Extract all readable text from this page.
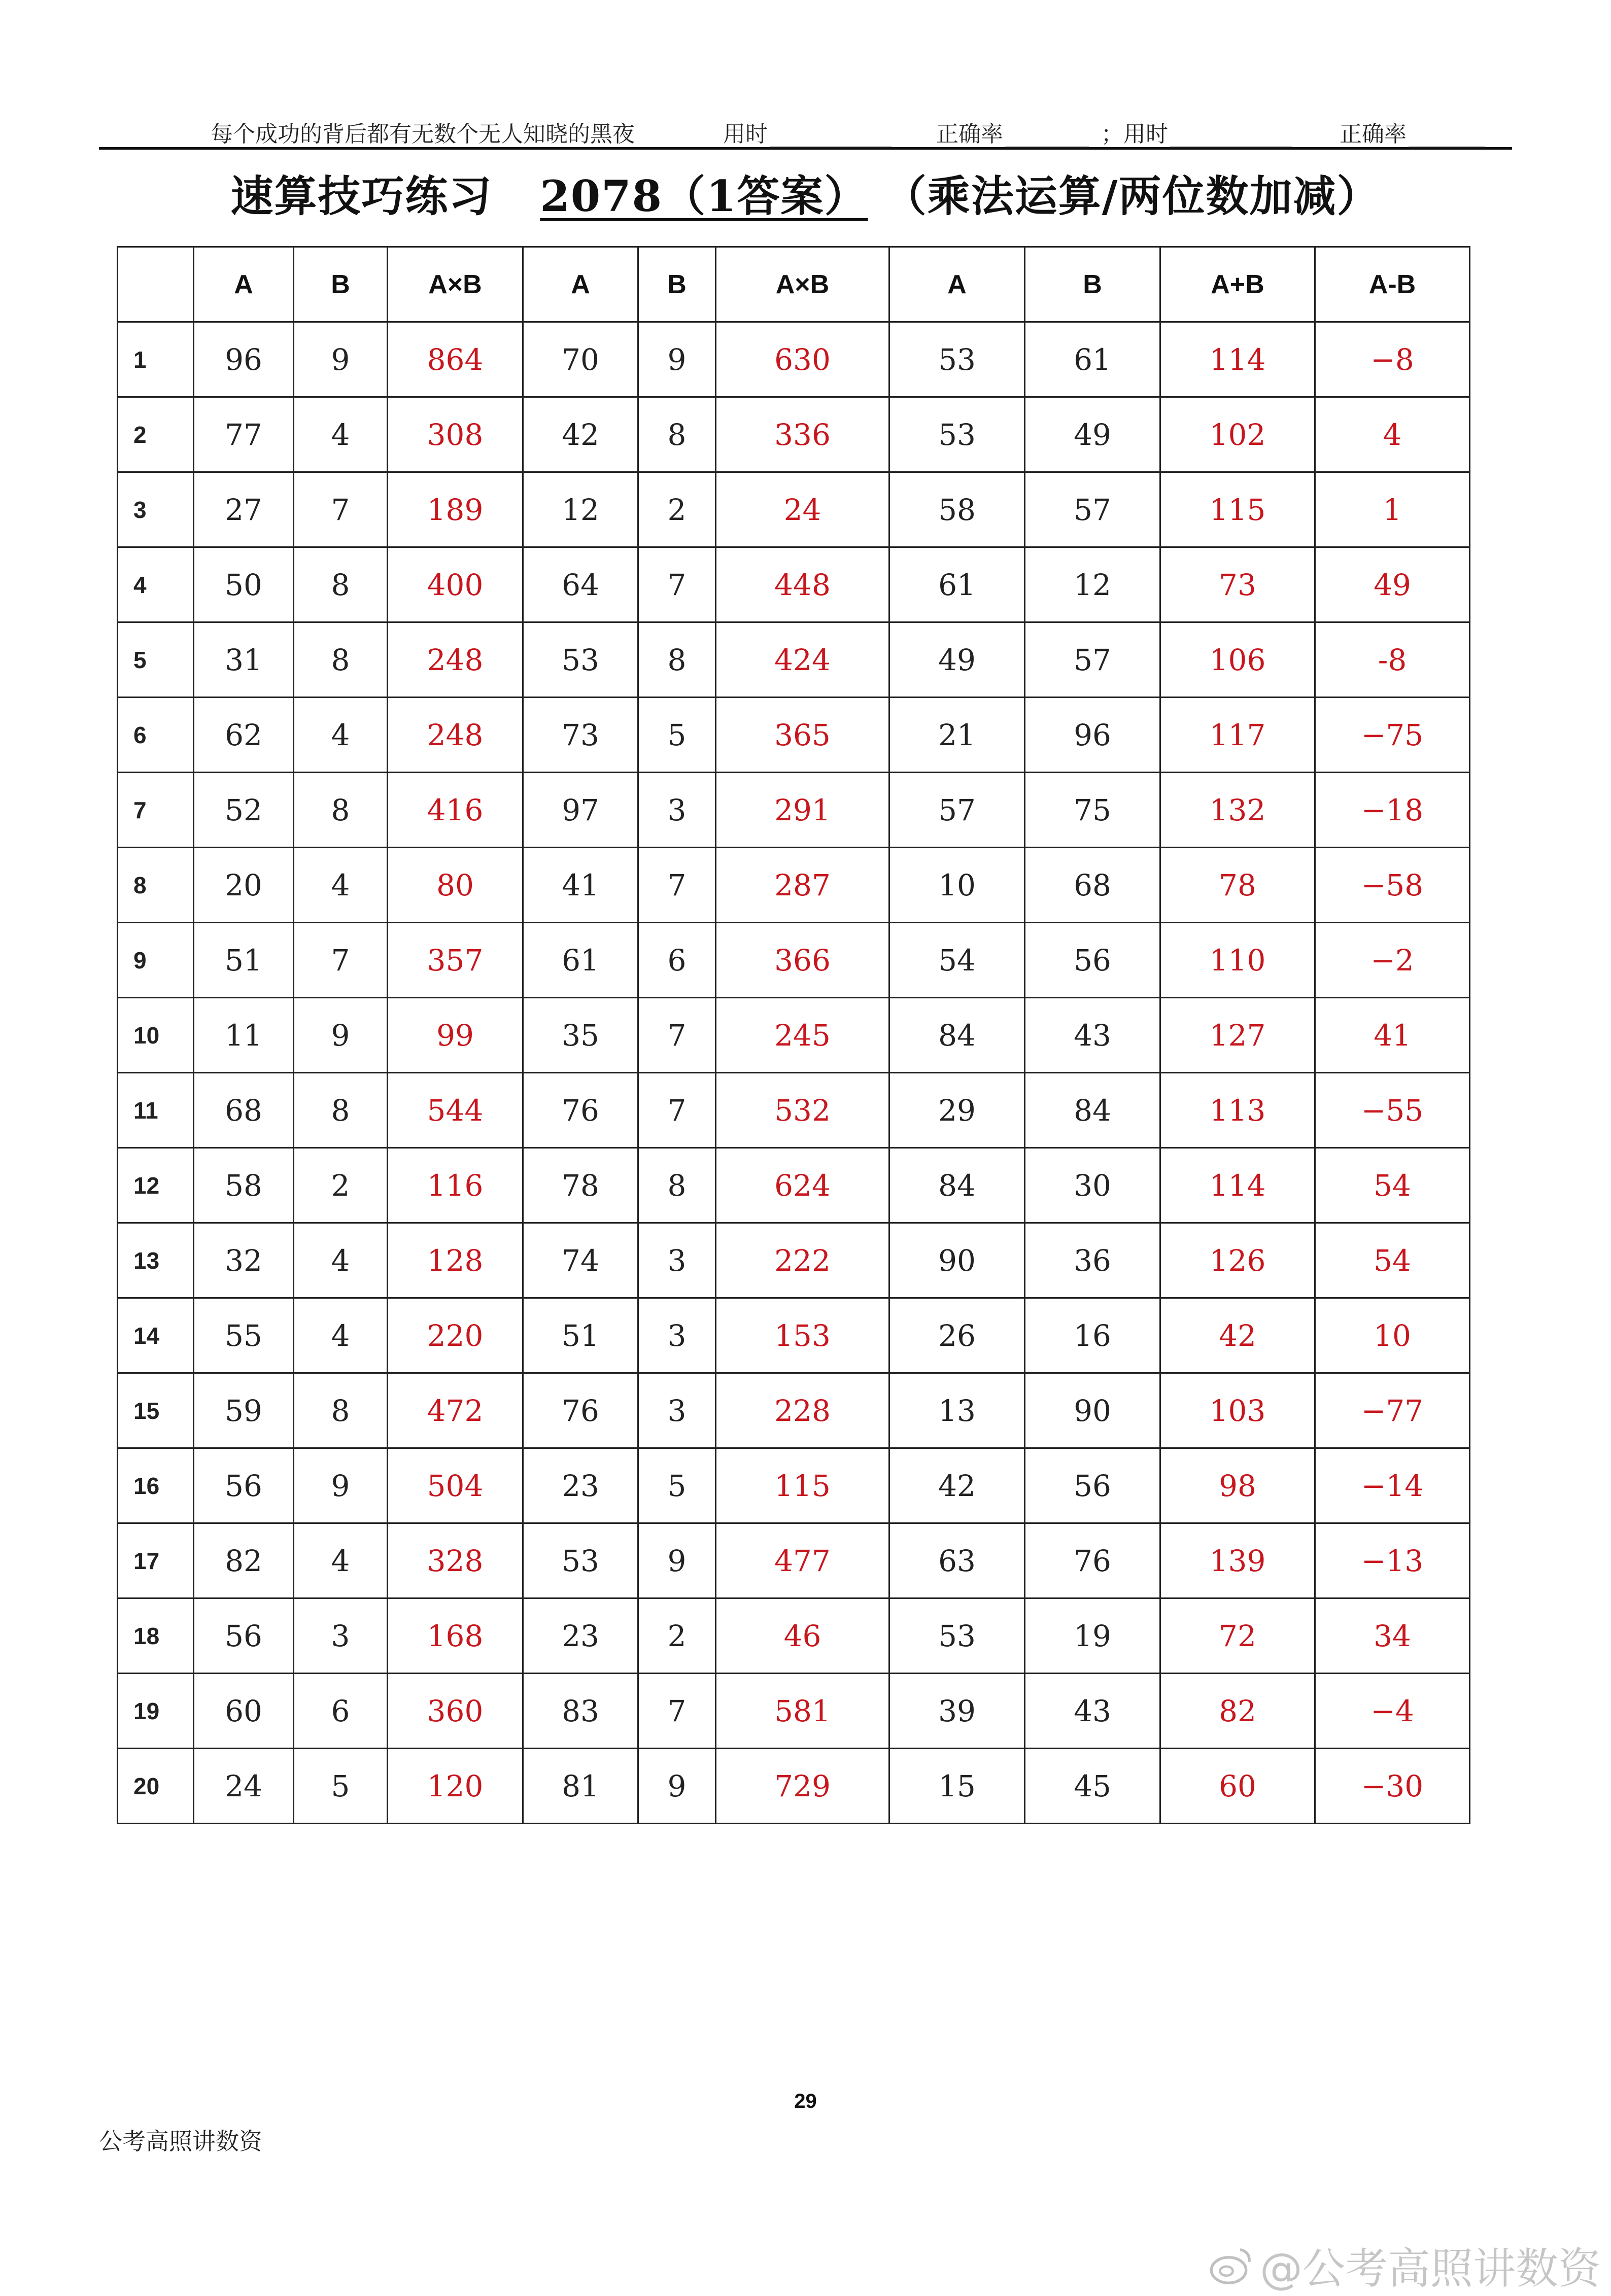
每个成功的背后都有无数个无人知晓的黑夜	用时	正确率	； 用时	正确率
速算技巧练习 2078（1答案） （乘法运算/两位数加减）
	A	B	A×B	A	B	A×B	A	B	A+B	A-B
1	96	9	864	70	9	630	53	61	114	−8
2	77	4	308	42	8	336	53	49	102	4
3	27	7	189	12	2	24	58	57	115	1
4	50	8	400	64	7	448	61	12	73	49
5	31	8	248	53	8	424	49	57	106	-8
6	62	4	248	73	5	365	21	96	117	−75
7	52	8	416	97	3	291	57	75	132	−18
8	20	4	80	41	7	287	10	68	78	−58
9	51	7	357	61	6	366	54	56	110	−2
10	11	9	99	35	7	245	84	43	127	41
11	68	8	544	76	7	532	29	84	113	−55
12	58	2	116	78	8	624	84	30	114	54
13	32	4	128	74	3	222	90	36	126	54
14	55	4	220	51	3	153	26	16	42	10
15	59	8	472	76	3	228	13	90	103	−77
16	56	9	504	23	5	115	42	56	98	−14
17	82	4	328	53	9	477	63	76	139	−13
18	56	3	168	23	2	46	53	19	72	34
19	60	6	360	83	7	581	39	43	82	−4
20	24	5	120	81	9	729	15	45	60	−30
29
公考高照讲数资
@公考高照讲数资
